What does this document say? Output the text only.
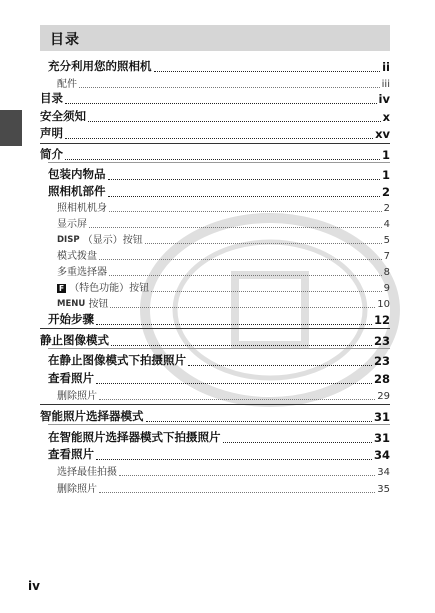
目录
充分利用您的照相机	ii
配件	iii
目录	iv
安全须知	x
声明	xv
简介	1
包装内物品	1
照相机部件	2
照相机机身	2
显示屏	4
DISP （显示）按钮	5
模式拨盘	7
多重选择器	8
F （特色功能）按钮	9
MENU 按钮	10
开始步骤	12
静止图像模式	23
在静止图像模式下拍摄照片	23
查看照片	28
删除照片	29
智能照片选择器模式	31
在智能照片选择器模式下拍摄照片	31
查看照片	34
选择最佳拍摄	34
删除照片	35
iv
